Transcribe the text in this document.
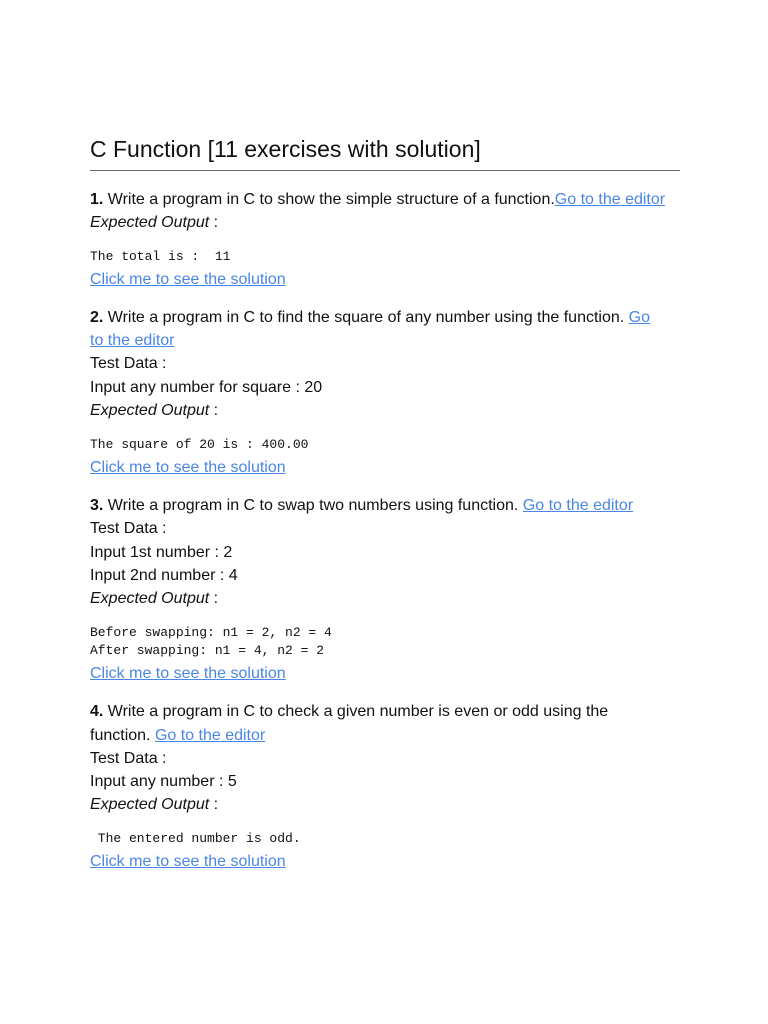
C Function [11 exercises with solution]
1. Write a program in C to show the simple structure of a function.Go to the editor
Expected Output :
The total is :  11
Click me to see the solution
2. Write a program in C to find the square of any number using the function. Go
to the editor
Test Data :
Input any number for square : 20
Expected Output :
The square of 20 is : 400.00
Click me to see the solution
3. Write a program in C to swap two numbers using function. Go to the editor
Test Data :
Input 1st number : 2
Input 2nd number : 4
Expected Output :
Before swapping: n1 = 2, n2 = 4
After swapping: n1 = 4, n2 = 2
Click me to see the solution
4. Write a program in C to check a given number is even or odd using the
function. Go to the editor
Test Data :
Input any number : 5
Expected Output :
The entered number is odd.
Click me to see the solution
